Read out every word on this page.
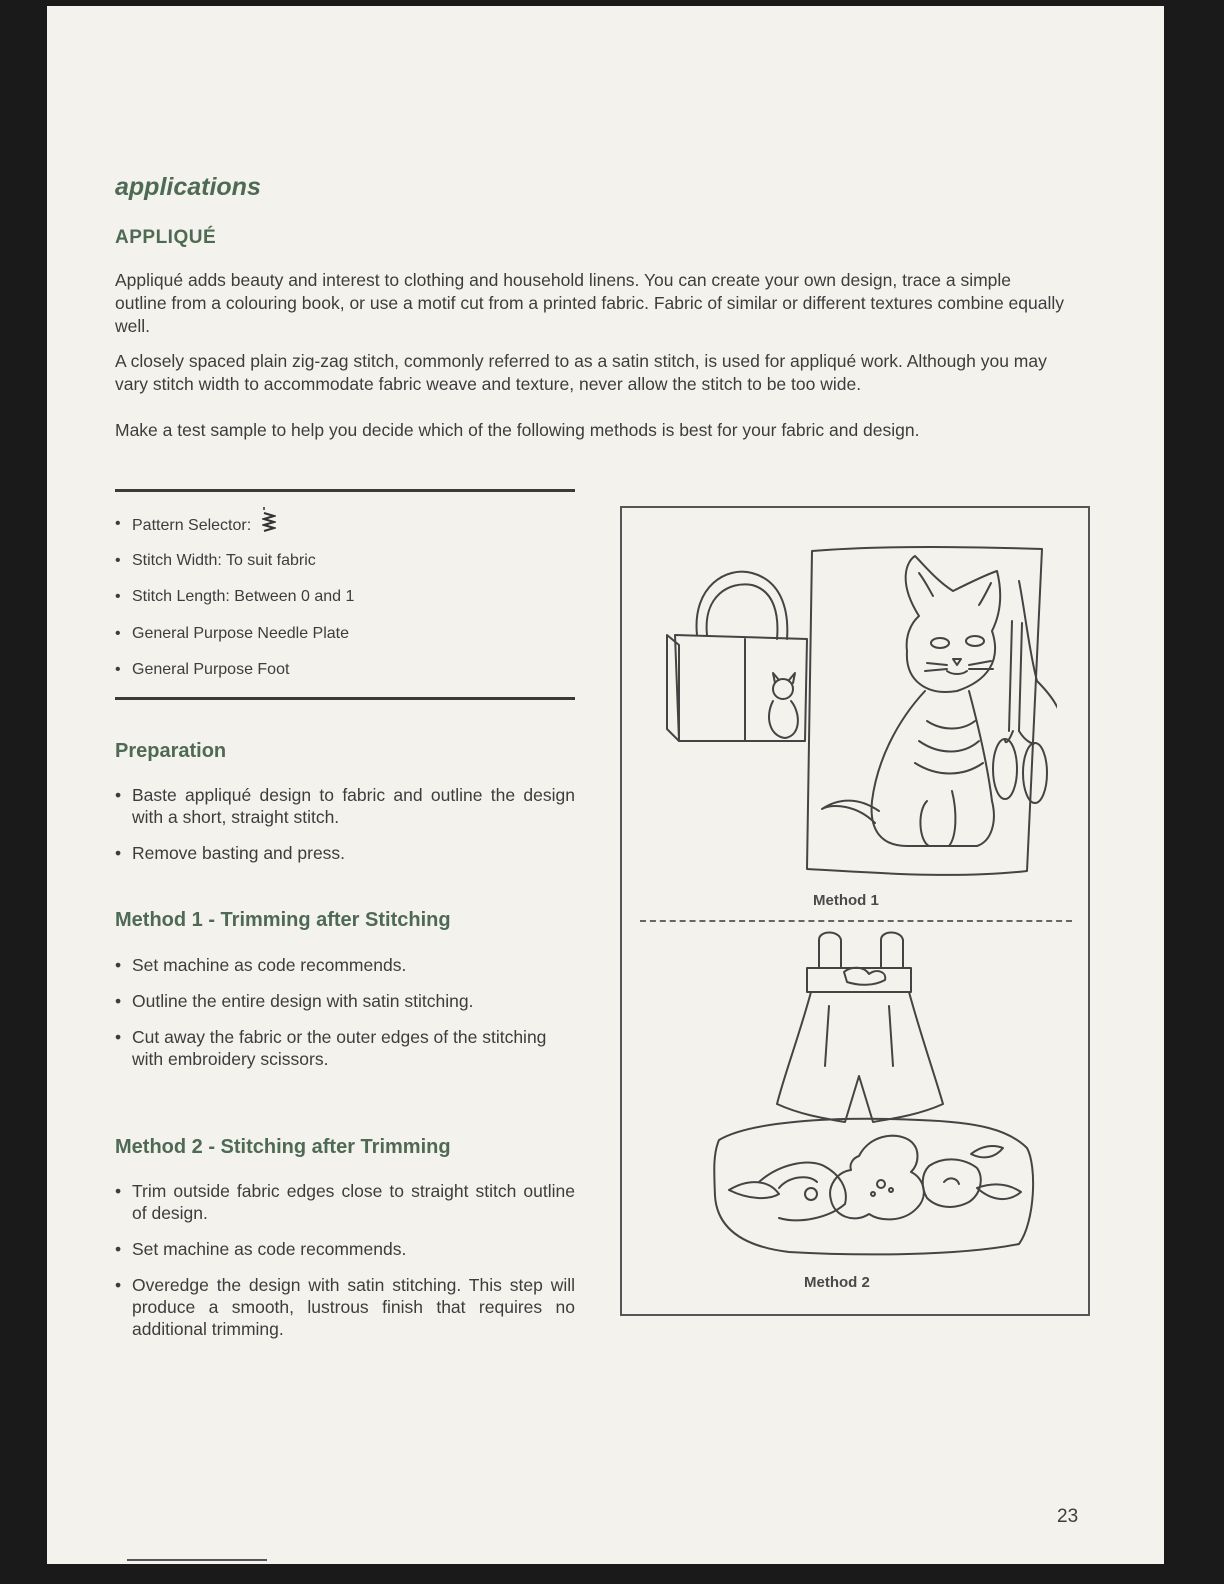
applications
APPLIQUÉ

Appliqué adds beauty and interest to clothing and household linens. You can create your own design, trace a simple outline from a colouring book, or use a motif cut from a printed fabric. Fabric of similar or different textures combine equally well.

A closely spaced plain zig-zag stitch, commonly referred to as a satin stitch, is used for appliqué work. Although you may vary stitch width to accommodate fabric weave and texture, never allow the stitch to be too wide.

Make a test sample to help you decide which of the following methods is best for your fabric and design.

• Pattern Selector:
• Stitch Width: To suit fabric
• Stitch Length: Between 0 and 1
• General Purpose Needle Plate
• General Purpose Foot
Preparation
• Baste appliqué design to fabric and outline the design with a short, straight stitch.
• Remove basting and press.
Method 1 - Trimming after Stitching
• Set machine as code recommends.
• Outline the entire design with satin stitching.
• Cut away the fabric or the outer edges of the stitching with embroidery scissors.
Method 2 - Stitching after Trimming
• Trim outside fabric edges close to straight stitch outline of design.
• Set machine as code recommends.
• Overedge the design with satin stitching. This step will produce a smooth, lustrous finish that requires no additional trimming.

Method 1

Method 2

23
